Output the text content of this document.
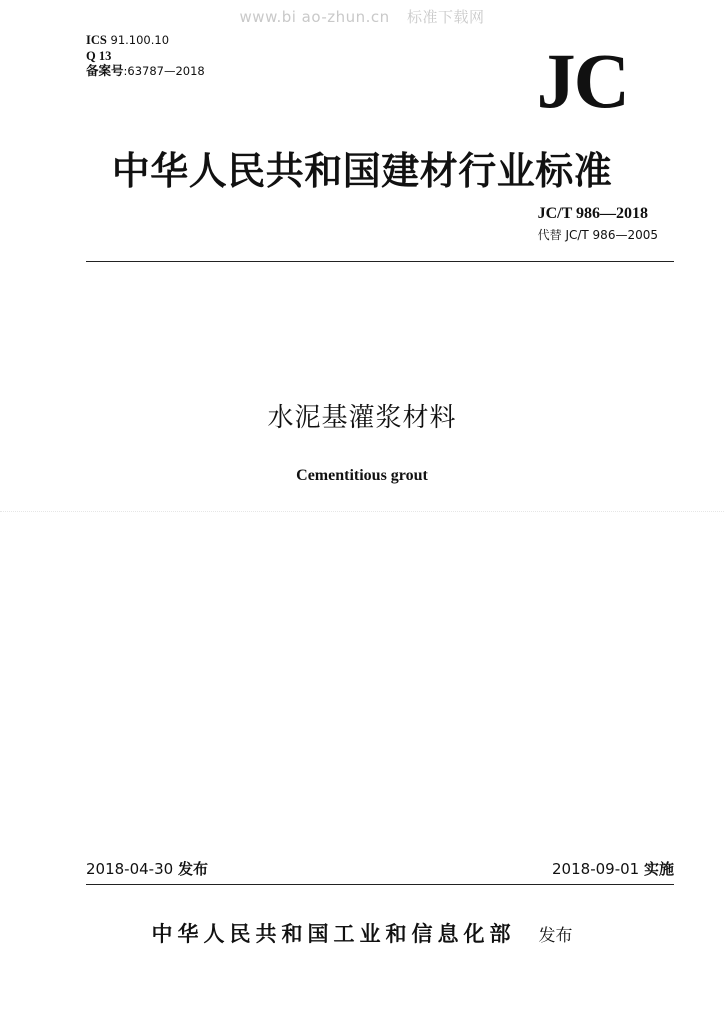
www.bi ao-zhun.cn 标准下载网
ICS 91.100.10
Q 13
备案号:63787—2018	JC
中华人民共和国建材行业标准
JC/T 986—2018
代替 JC/T 986—2005
水泥基灌浆材料
Cementitious grout
2018-04-30 发布	2018-09-01 实施
中华人民共和国工业和信息化部 发布
